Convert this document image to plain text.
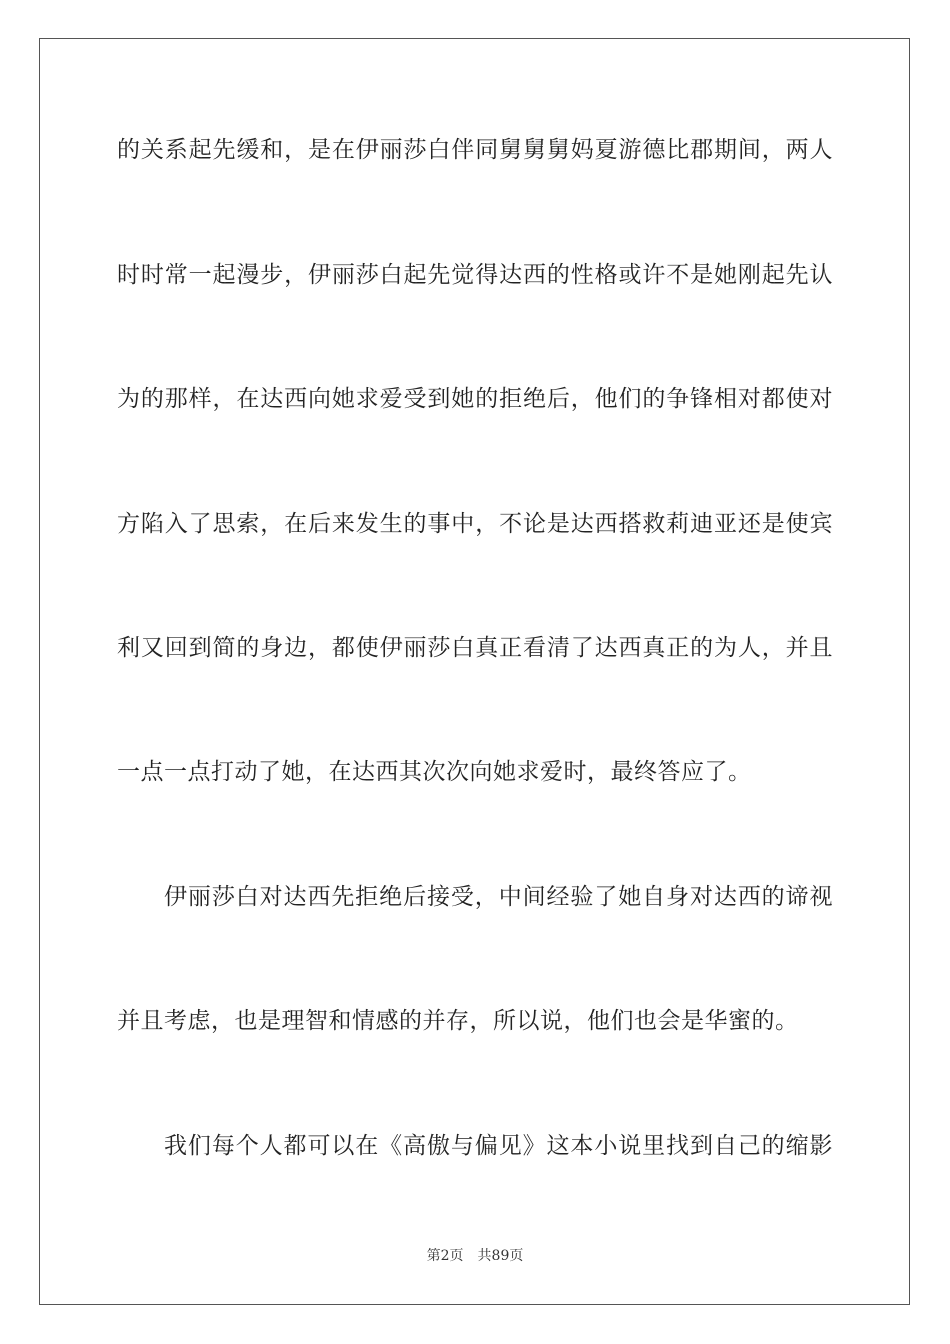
的关系起先缓和，是在伊丽莎白伴同舅舅舅妈夏游德比郡期间，两人
时时常一起漫步，伊丽莎白起先觉得达西的性格或许不是她刚起先认
为的那样，在达西向她求爱受到她的拒绝后，他们的争锋相对都使对
方陷入了思索，在后来发生的事中，不论是达西搭救莉迪亚还是使宾
利又回到简的身边，都使伊丽莎白真正看清了达西真正的为人，并且
一点一点打动了她，在达西其次次向她求爱时，最终答应了。
伊丽莎白对达西先拒绝后接受，中间经验了她自身对达西的谛视
并且考虑，也是理智和情感的并存，所以说，他们也会是华蜜的。
我们每个人都可以在《高傲与偏见》这本小说里找到自己的缩影
第2页 共89页
